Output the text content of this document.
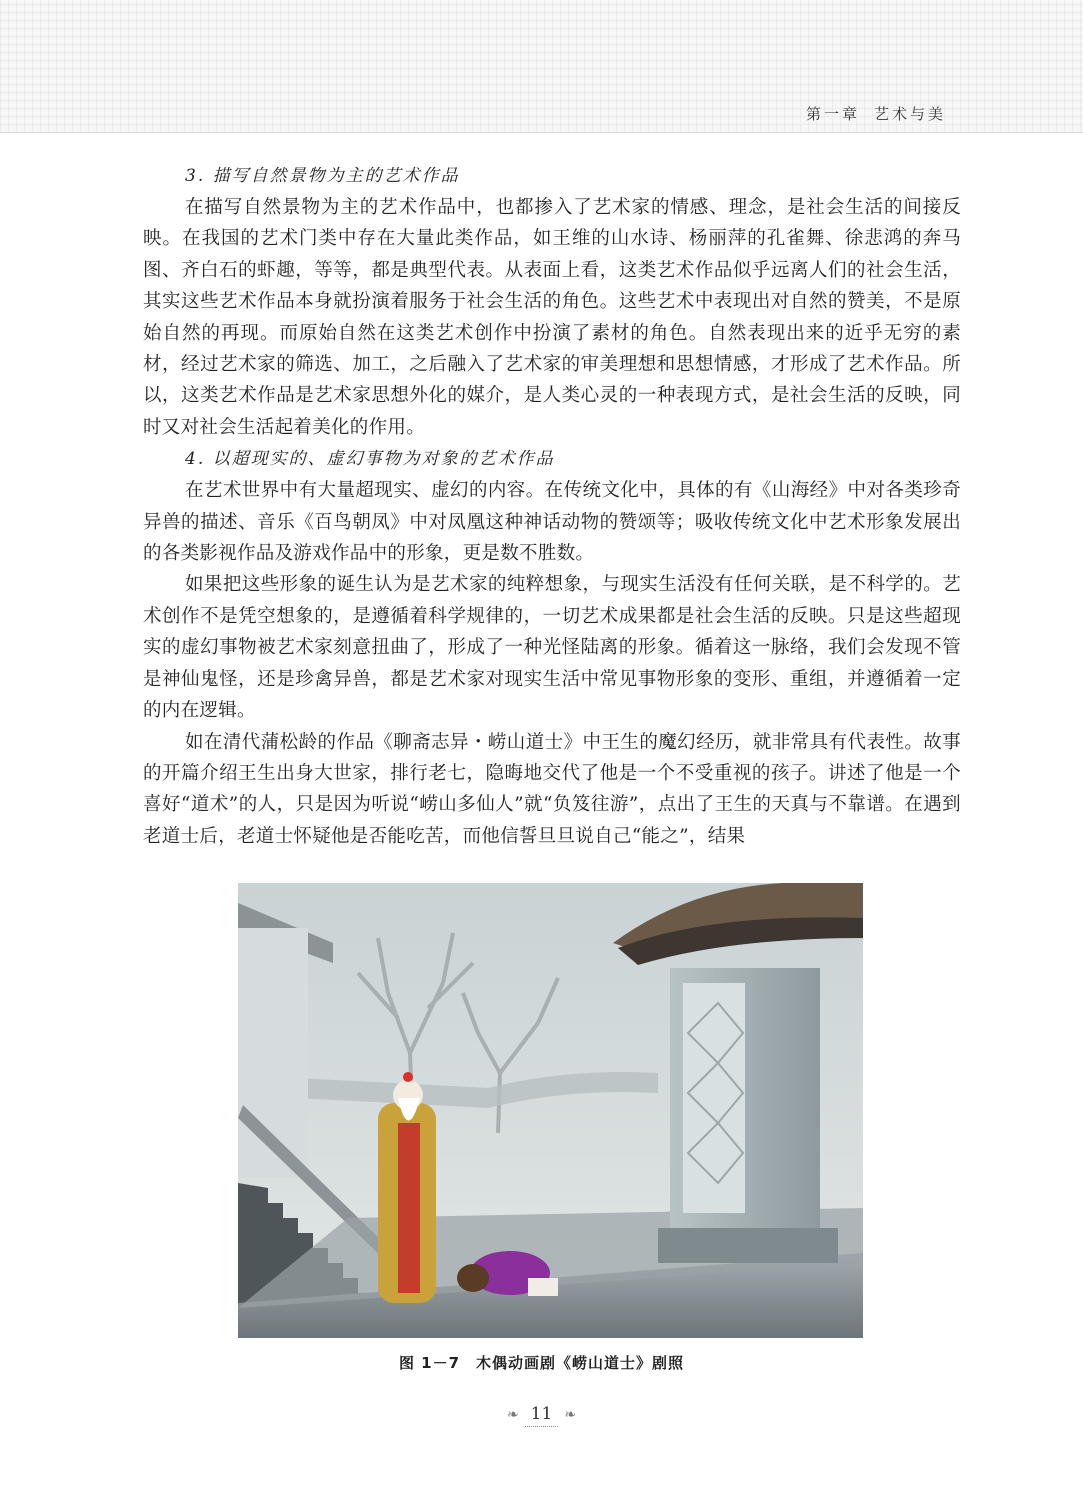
第一章 艺术与美
3. 描写自然景物为主的艺术作品

在描写自然景物为主的艺术作品中，也都掺入了艺术家的情感、理念，是社会生活的间接反映。在我国的艺术门类中存在大量此类作品，如王维的山水诗、杨丽萍的孔雀舞、徐悲鸿的奔马图、齐白石的虾趣，等等，都是典型代表。从表面上看，这类艺术作品似乎远离人们的社会生活，其实这些艺术作品本身就扮演着服务于社会生活的角色。这些艺术中表现出对自然的赞美，不是原始自然的再现。而原始自然在这类艺术创作中扮演了素材的角色。自然表现出来的近乎无穷的素材，经过艺术家的筛选、加工，之后融入了艺术家的审美理想和思想情感，才形成了艺术作品。所以，这类艺术作品是艺术家思想外化的媒介，是人类心灵的一种表现方式，是社会生活的反映，同时又对社会生活起着美化的作用。

4. 以超现实的、虚幻事物为对象的艺术作品

在艺术世界中有大量超现实、虚幻的内容。在传统文化中，具体的有《山海经》中对各类珍奇异兽的描述、音乐《百鸟朝凤》中对凤凰这种神话动物的赞颂等；吸收传统文化中艺术形象发展出的各类影视作品及游戏作品中的形象，更是数不胜数。

如果把这些形象的诞生认为是艺术家的纯粹想象，与现实生活没有任何关联，是不科学的。艺术创作不是凭空想象的，是遵循着科学规律的，一切艺术成果都是社会生活的反映。只是这些超现实的虚幻事物被艺术家刻意扭曲了，形成了一种光怪陆离的形象。循着这一脉络，我们会发现不管是神仙鬼怪，还是珍禽异兽，都是艺术家对现实生活中常见事物形象的变形、重组，并遵循着一定的内在逻辑。

如在清代蒲松龄的作品《聊斋志异・崂山道士》中王生的魔幻经历，就非常具有代表性。故事的开篇介绍王生出身大世家，排行老七，隐晦地交代了他是一个不受重视的孩子。讲述了他是一个喜好“道术”的人，只是因为听说“崂山多仙人”就“负笈往游”，点出了王生的天真与不靠谱。在遇到老道士后，老道士怀疑他是否能吃苦，而他信誓旦旦说自己“能之”，结果

图 1－7　木偶动画剧《崂山道士》剧照
❧ 11 ❧
